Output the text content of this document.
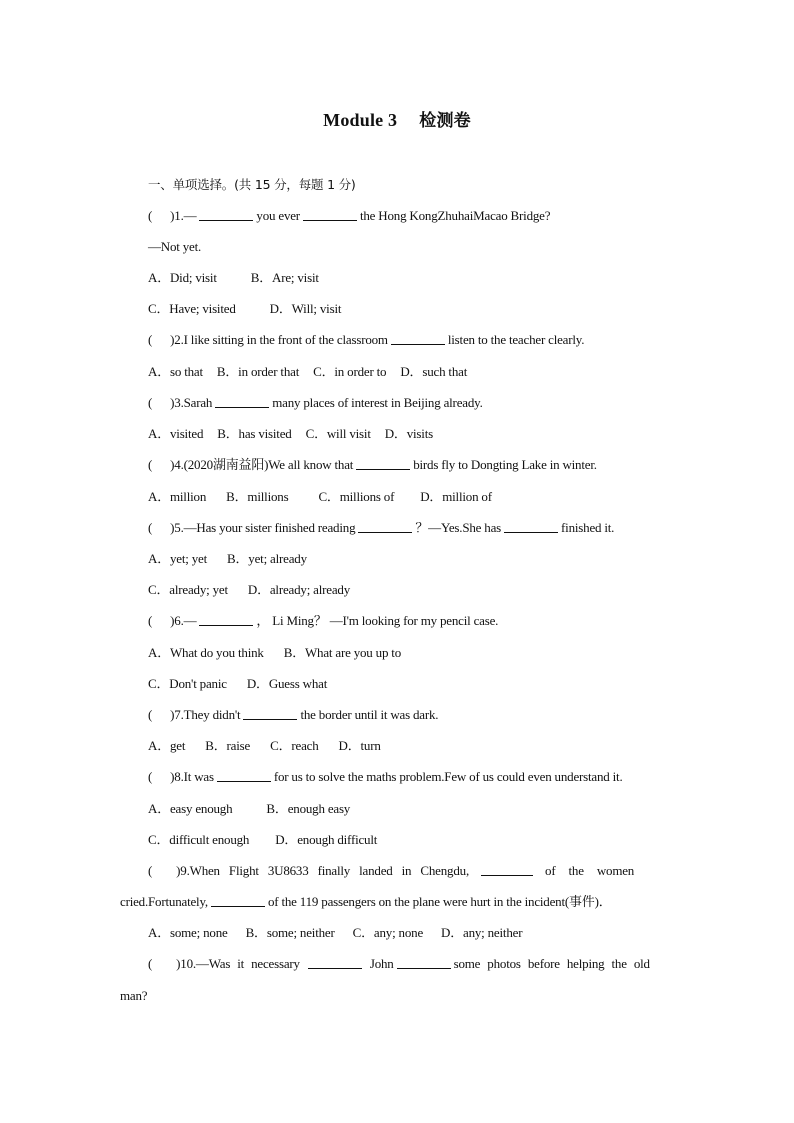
Module 3 检测卷
一、单项选择。(共 15 分，每题 1 分)
( )1.—	you ever	the Hong KongZhuhaiMacao Bridge?
—Not yet.
A．Did; visit	B．Are; visit
C．Have; visited	D．Will; visit
( )2.I like sitting in the front of the classroom	listen to the teacher clearly.
A．so that B．in order that C．in order to D．such that
( )3.Sarah	many places of interest in Beijing already.
A．visited B．has visited C．will visit D．visits
( )4.(2020湖南益阳)We all know that	birds fly to Dongting Lake in winter.
A．million B．millions C．millions of D．million of
( )5.—Has your sister finished reading	？—Yes.She has	finished it.
A．yet; yet B．yet; already
C．already; yet D．already; already
( )6.—	， Li Ming？ —I'm looking for my pencil case.
A．What do you think B．What are you up to
C．Don't panic D．Guess what
( )7.They didn't	the border until it was dark.
A．get B．raise C．reach D．turn
( )8.It was	for us to solve the maths problem.Few of us could even understand it.
A．easy enough	B．enough easy
C．difficult enough D．enough difficult
( )9.When Flight 3U8633 finally landed in Chengdu,	of the women
cried.Fortunately,	of the 119 passengers on the plane were hurt in the incident(事件)．
A．some; none B．some; neither C．any; none D．any; neither
( )10.—Was it necessary	John	some photos before helping the old
man?
